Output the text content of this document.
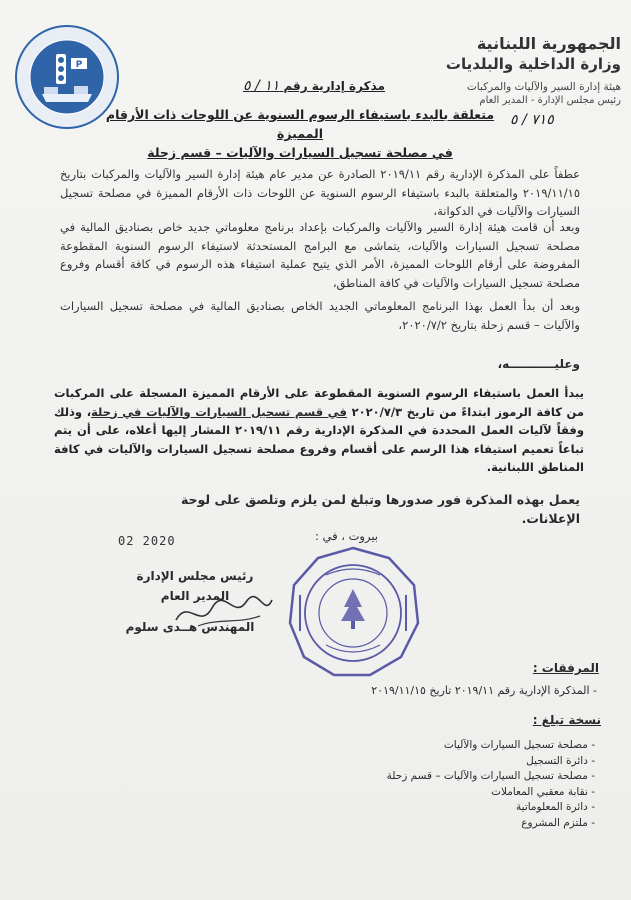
P
الجمهورية اللبنانية
وزارة الداخلية والبلديات
هيئة إدارة السير والآليات والمركبات
رئيس مجلس الإدارة - المدير العام
٧١٥ / ٥
مذكرة إدارية رقم ١١ / ٥
متعلقة بالبدء باستيفاء الرسوم السنوية عن اللوحات ذات الأرقام المميزة
في مصلحة تسجيل السيارات والآليات – قسم زحلة
عطفاً على المذكرة الإدارية رقم ٢٠١٩/١١ الصادرة عن مدير عام هيئة إدارة السير والآليات والمركبات بتاريخ ٢٠١٩/١١/١٥ والمتعلقة بالبدء باستيفاء الرسوم السنوية عن اللوحات ذات الأرقام المميزة في مصلحة تسجيل السيارات والآليات في الدكوانة،
وبعد أن قامت هيئة إدارة السير والآليات والمركبات بإعداد برنامج معلوماتي جديد خاص بصناديق المالية في مصلحة تسجيل السيارات والآليات، يتماشى مع البرامج المستحدثة لاستيفاء الرسوم السنوية المقطوعة المفروضة على أرقام اللوحات المميزة، الأمر الذي يتيح عملية استيفاء هذه الرسوم في كافة أقسام وفروع مصلحة تسجيل السيارات والآليات في كافة المناطق،
وبعد أن بدأ العمل بهذا البرنامج المعلوماتي الجديد الخاص بصناديق المالية في مصلحة تسجيل السيارات والآليات – قسم زحلة بتاريخ ٢٠٢٠/٧/٢،
وعليـــــــــــه،
يبدأ العمل باستيفاء الرسوم السنوية المقطوعة على الأرقام المميزة المسجلة على المركبات من كافة الرموز ابتداءً من تاريخ ٢٠٢٠/٧/٣ في قسم تسجيل السيارات والآليات في زحلة، وذلك وفقاً لآليات العمل المحددة في المذكرة الإدارية رقم ٢٠١٩/١١ المشار إليها أعلاه، على أن يتم تباعاً تعميم استيفاء هذا الرسم على أقسام وفروع مصلحة تسجيل السيارات والآليات في كافة المناطق اللبنانية.
يعمل بهذه المذكرة فور صدورها وتبلغ لمن يلزم وتلصق على لوحة الإعلانات.
بيروت ، في :
02 2020
رئيس مجلس الإدارة
المدير العام
المهندس هــدى سلوم
المرفقات :
- المذكرة الإدارية رقم ٢٠١٩/١١ تاريخ ٢٠١٩/١١/١٥
نسخة تبلغ :
- مصلحة تسجيل السيارات والآليات
- دائرة التسجيل
- مصلحة تسجيل السيارات والآليات – قسم زحلة
- نقابة معقبي المعاملات
- دائرة المعلوماتية
- ملتزم المشروع
